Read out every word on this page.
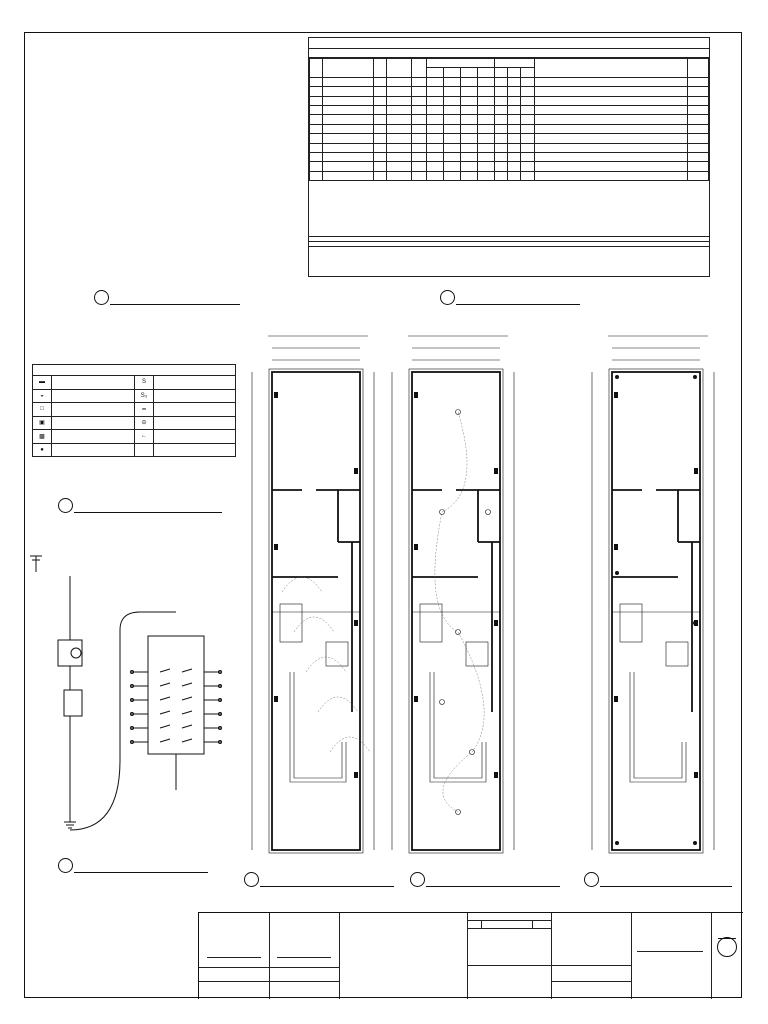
▬		S	
◒		S₃	
□		━	
▣		⊝	
▩		←	
●			
